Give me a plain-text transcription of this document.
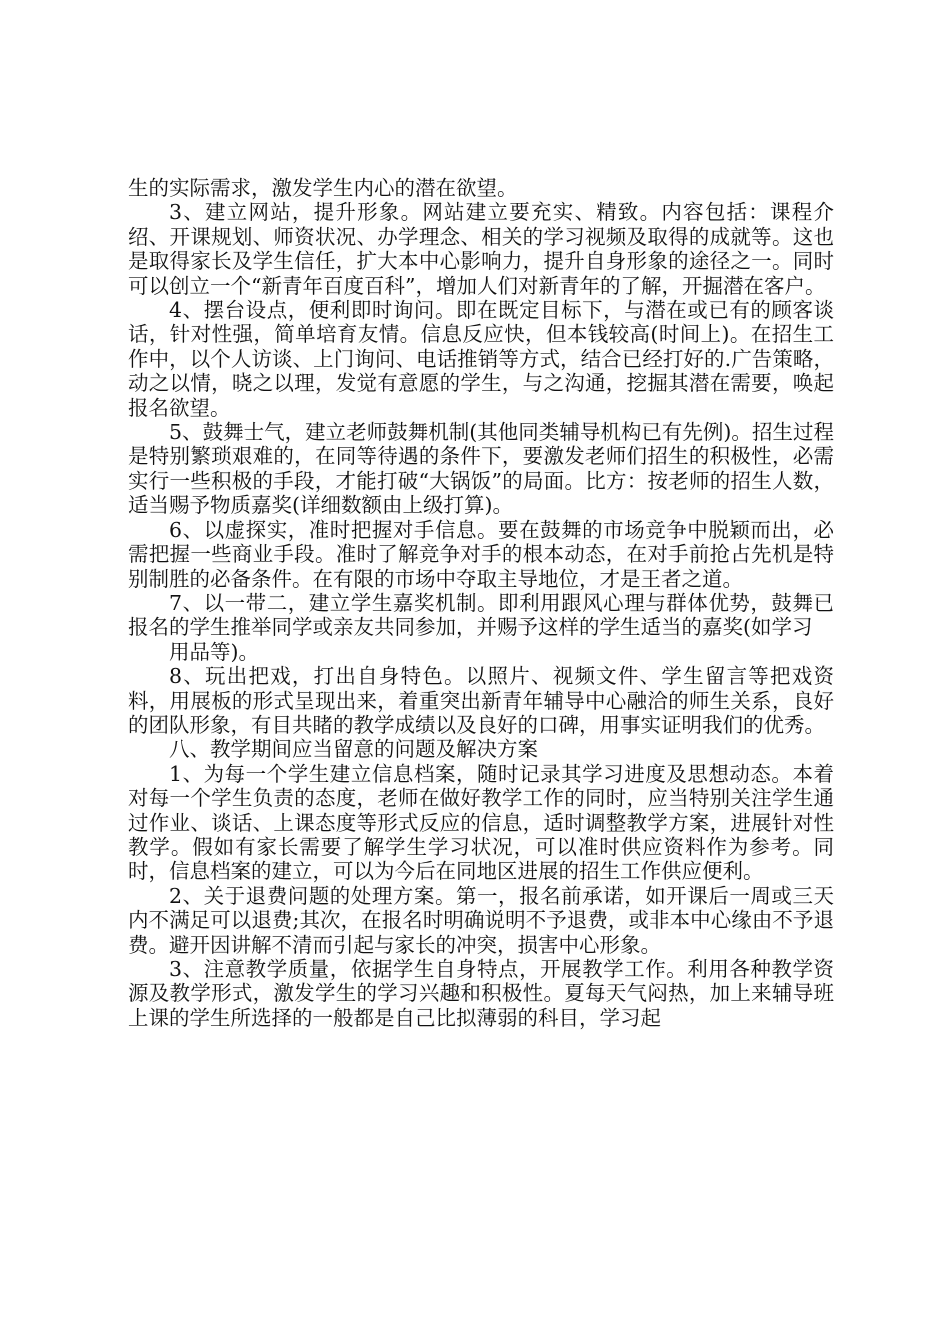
生的实际需求，激发学生内心的潜在欲望。

3、建立网站，提升形象。网站建立要充实、精致。内容包括：课程介绍、开课规划、师资状况、办学理念、相关的学习视频及取得的成就等。这也是取得家长及学生信任，扩大本中心影响力，提升自身形象的途径之一。同时可以创立一个“新青年百度百科”，增加人们对新青年的了解，开掘潜在客户。

4、摆台设点，便利即时询问。即在既定目标下，与潜在或已有的顾客谈话，针对性强，简单培育友情。信息反应快，但本钱较高(时间上)。在招生工作中，以个人访谈、上门询问、电话推销等方式，结合已经打好的.广告策略，动之以情，晓之以理，发觉有意愿的学生，与之沟通，挖掘其潜在需要，唤起报名欲望。

5、鼓舞士气，建立老师鼓舞机制(其他同类辅导机构已有先例)。招生过程是特别繁琐艰难的，在同等待遇的条件下，要激发老师们招生的积极性，必需实行一些积极的手段，才能打破“大锅饭”的局面。比方：按老师的招生人数，适当赐予物质嘉奖(详细数额由上级打算)。

6、以虚探实，准时把握对手信息。要在鼓舞的市场竞争中脱颖而出，必需把握一些商业手段。准时了解竞争对手的根本动态，在对手前抢占先机是特别制胜的必备条件。在有限的市场中夺取主导地位，才是王者之道。

7、以一带二，建立学生嘉奖机制。即利用跟风心理与群体优势，鼓舞已报名的学生推举同学或亲友共同参加，并赐予这样的学生适当的嘉奖(如学习

用品等)。

8、玩出把戏，打出自身特色。以照片、视频文件、学生留言等把戏资料，用展板的形式呈现出来，着重突出新青年辅导中心融洽的师生关系，良好的团队形象，有目共睹的教学成绩以及良好的口碑，用事实证明我们的优秀。

八、教学期间应当留意的问题及解决方案

1、为每一个学生建立信息档案，随时记录其学习进度及思想动态。本着对每一个学生负责的态度，老师在做好教学工作的同时，应当特别关注学生通过作业、谈话、上课态度等形式反应的信息，适时调整教学方案，进展针对性教学。假如有家长需要了解学生学习状况，可以准时供应资料作为参考。同时，信息档案的建立，可以为今后在同地区进展的招生工作供应便利。

2、关于退费问题的处理方案。第一，报名前承诺，如开课后一周或三天内不满足可以退费;其次，在报名时明确说明不予退费，或非本中心缘由不予退费。避开因讲解不清而引起与家长的冲突，损害中心形象。

3、注意教学质量，依据学生自身特点，开展教学工作。利用各种教学资源及教学形式，激发学生的学习兴趣和积极性。夏每天气闷热，加上来辅导班上课的学生所选择的一般都是自己比拟薄弱的科目，学习起
